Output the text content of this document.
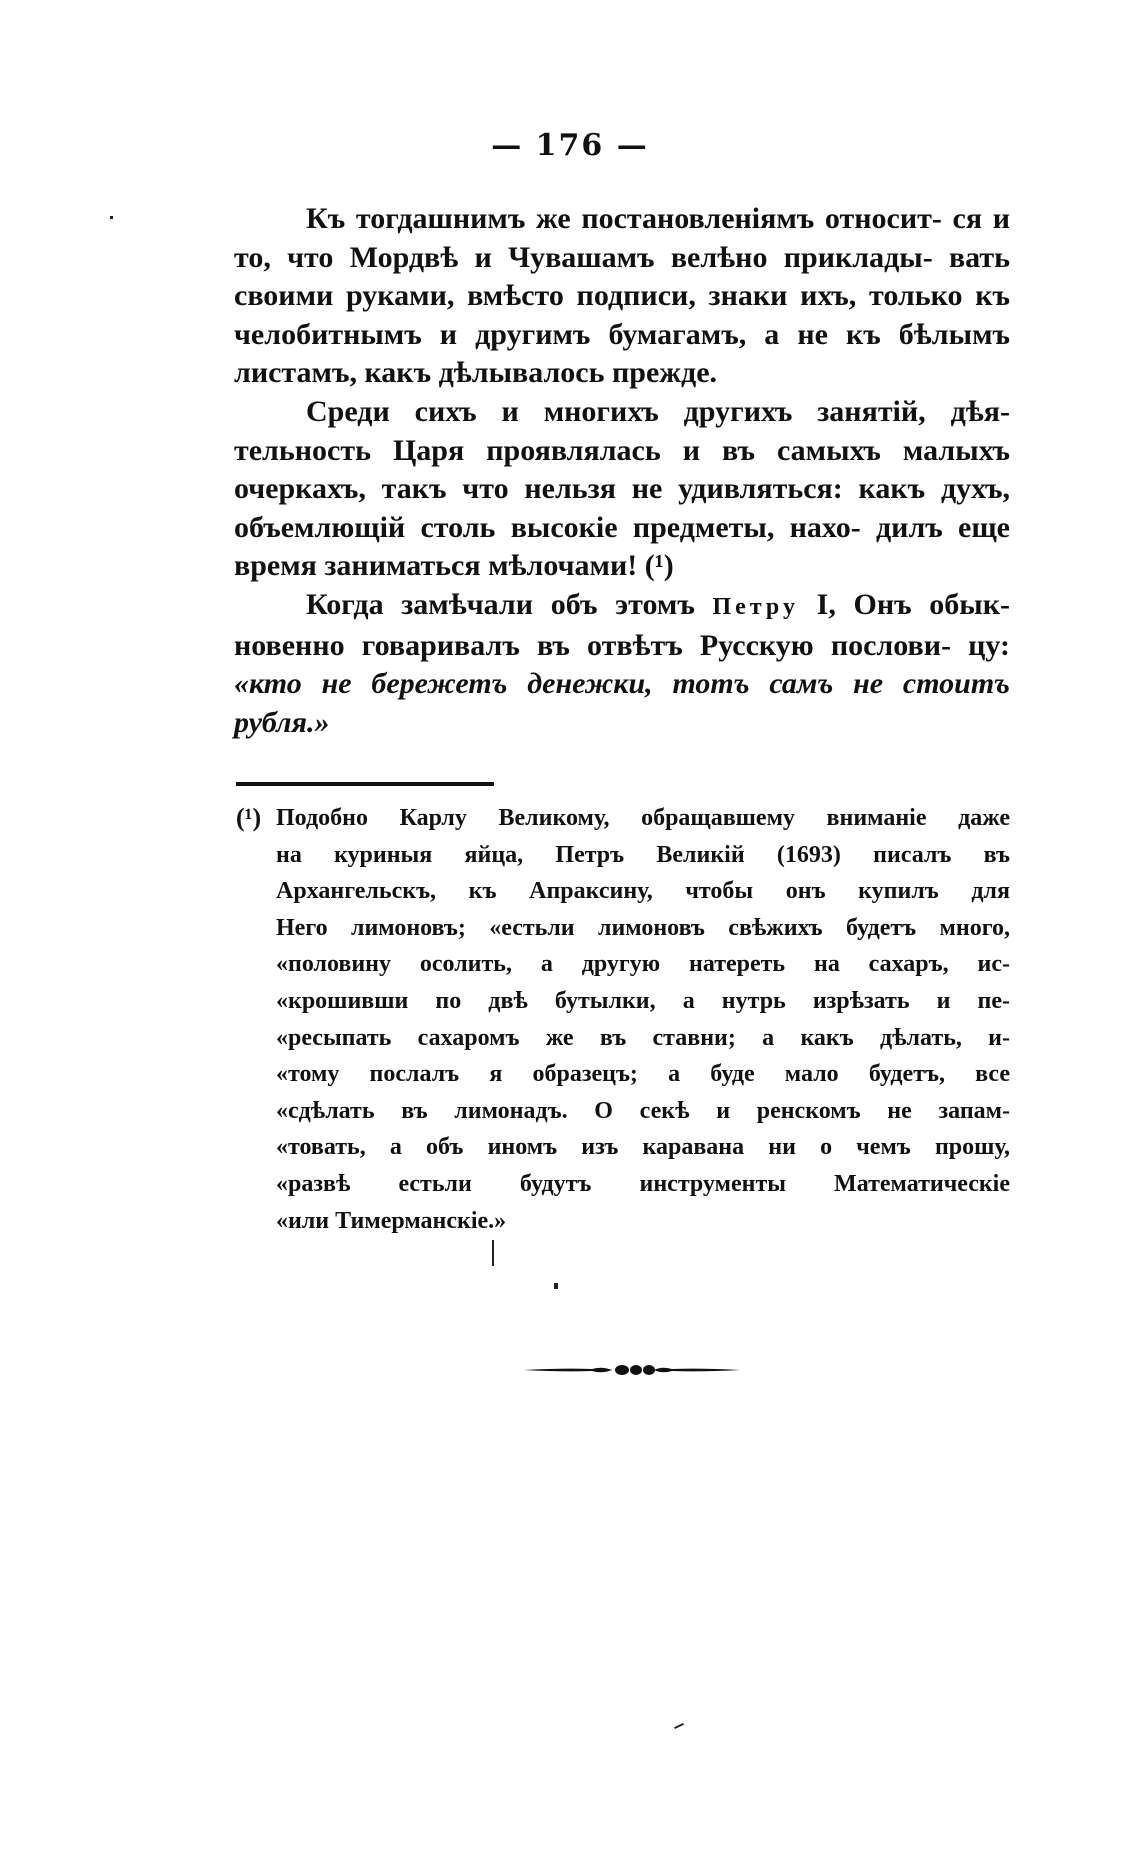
— 176 —

Къ тогдашнимъ же постановленіямъ относит- ся и то, что Мордвѣ и Чувашамъ велѣно приклады- вать своими руками, вмѣсто подписи, знаки ихъ, только къ челобитнымъ и другимъ бумагамъ, а не къ бѣлымъ листамъ, какъ дѣлывалось прежде.

Среди сихъ и многихъ другихъ занятій, дѣя- тельность Царя проявлялась и въ самыхъ малыхъ очеркахъ, такъ что нельзя не удивляться: какъ духъ, объемлющій столь высокіе предметы, нахо- дилъ еще время заниматься мѣлочами! (¹)

Когда замѣчали объ этомъ Петру I, Онъ обык- новенно говаривалъ въ отвѣтъ Русскую послови- цу: «кто не бережетъ денежки, тотъ самъ не стоитъ рубля.»

(¹) Подобно Карлу Великому, обращавшему вниманіе даже
на куриныя яйца, Петръ Великій (1693) писалъ въ
Архангельскъ, къ Апраксину, чтобы онъ купилъ для
Него лимоновъ; «естьли лимоновъ свѣжихъ будетъ много,
«половину осолить, а другую натереть на сахаръ, ис-
«крошивши по двѣ бутылки, а нутрь изрѣзать и пе-
«ресыпать сахаромъ же въ ставни; а какъ дѣлать, и-
«тому послалъ я образецъ; а буде мало будетъ, все
«сдѣлать въ лимонадъ. О секѣ и ренскомъ не запам-
«товать, а объ иномъ изъ каравана ни о чемъ прошу,
«развѣ естьли будутъ инструменты Математическіе
«или Тимерманскіе.»
